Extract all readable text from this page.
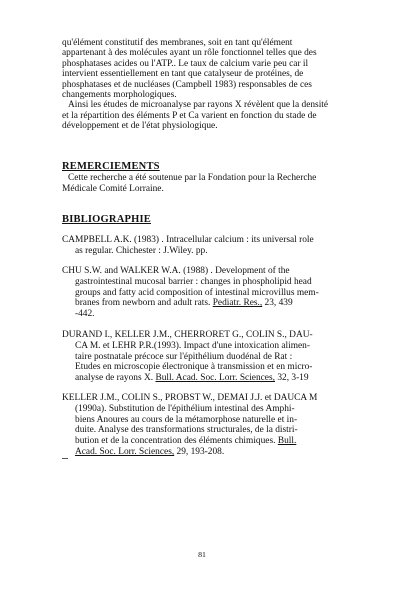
qu'élément constitutif des membranes, soit en tant qu'élément

appartenant à des molécules ayant un rôle fonctionnel telles que des

phosphatases acides ou l'ATP.. Le taux de calcium varie peu car il

intervient essentiellement en tant que catalyseur de protéines, de

phosphatases et de nucléases (Campbell 1983) responsables de ces

changements morphologiques.

Ainsi les études de microanalyse par rayons X révèlent que la densité

et la répartition des éléments P et Ca varient en fonction du stade de

développement et de l'état physiologique.

REMERCIEMENTS
Cette recherche a été soutenue par la Fondation pour la Recherche
Médicale Comité Lorraine.
BIBLIOGRAPHIE
CAMPBELL A.K. (1983) . Intracellular calcium : its universal role
as regular. Chichester : J.Wiley. pp.
CHU S.W. and WALKER W.A. (1988) . Development of the
gastrointestinal mucosal barrier : changes in phospholipid head
groups and fatty acid composition of intestinal microvillus mem-
branes from newborn and adult rats. Pediatr. Res., 23, 439
-442.
DURAND I., KELLER J.M., CHERRORET G., COLIN S., DAU-
CA M. et LEHR P.R.(1993). Impact d'une intoxication alimen-
taire postnatale précoce sur l'épithélium duodénal de Rat :
Etudes en microscopie électronique à transmission et en micro-
analyse de rayons X. Bull. Acad. Soc. Lorr. Sciences, 32, 3-19
KELLER J.M., COLIN S., PROBST W., DEMAI J.J. et DAUCA M
(1990a). Substitution de l'épithélium intestinal des Amphi-
biens Anoures au cours de la métamorphose naturelle et in-
duite. Analyse des transformations structurales, de la distri-
bution et de la concentration des éléments chimiques. Bull.
Acad. Soc. Lorr. Sciences, 29, 193-208.
81
